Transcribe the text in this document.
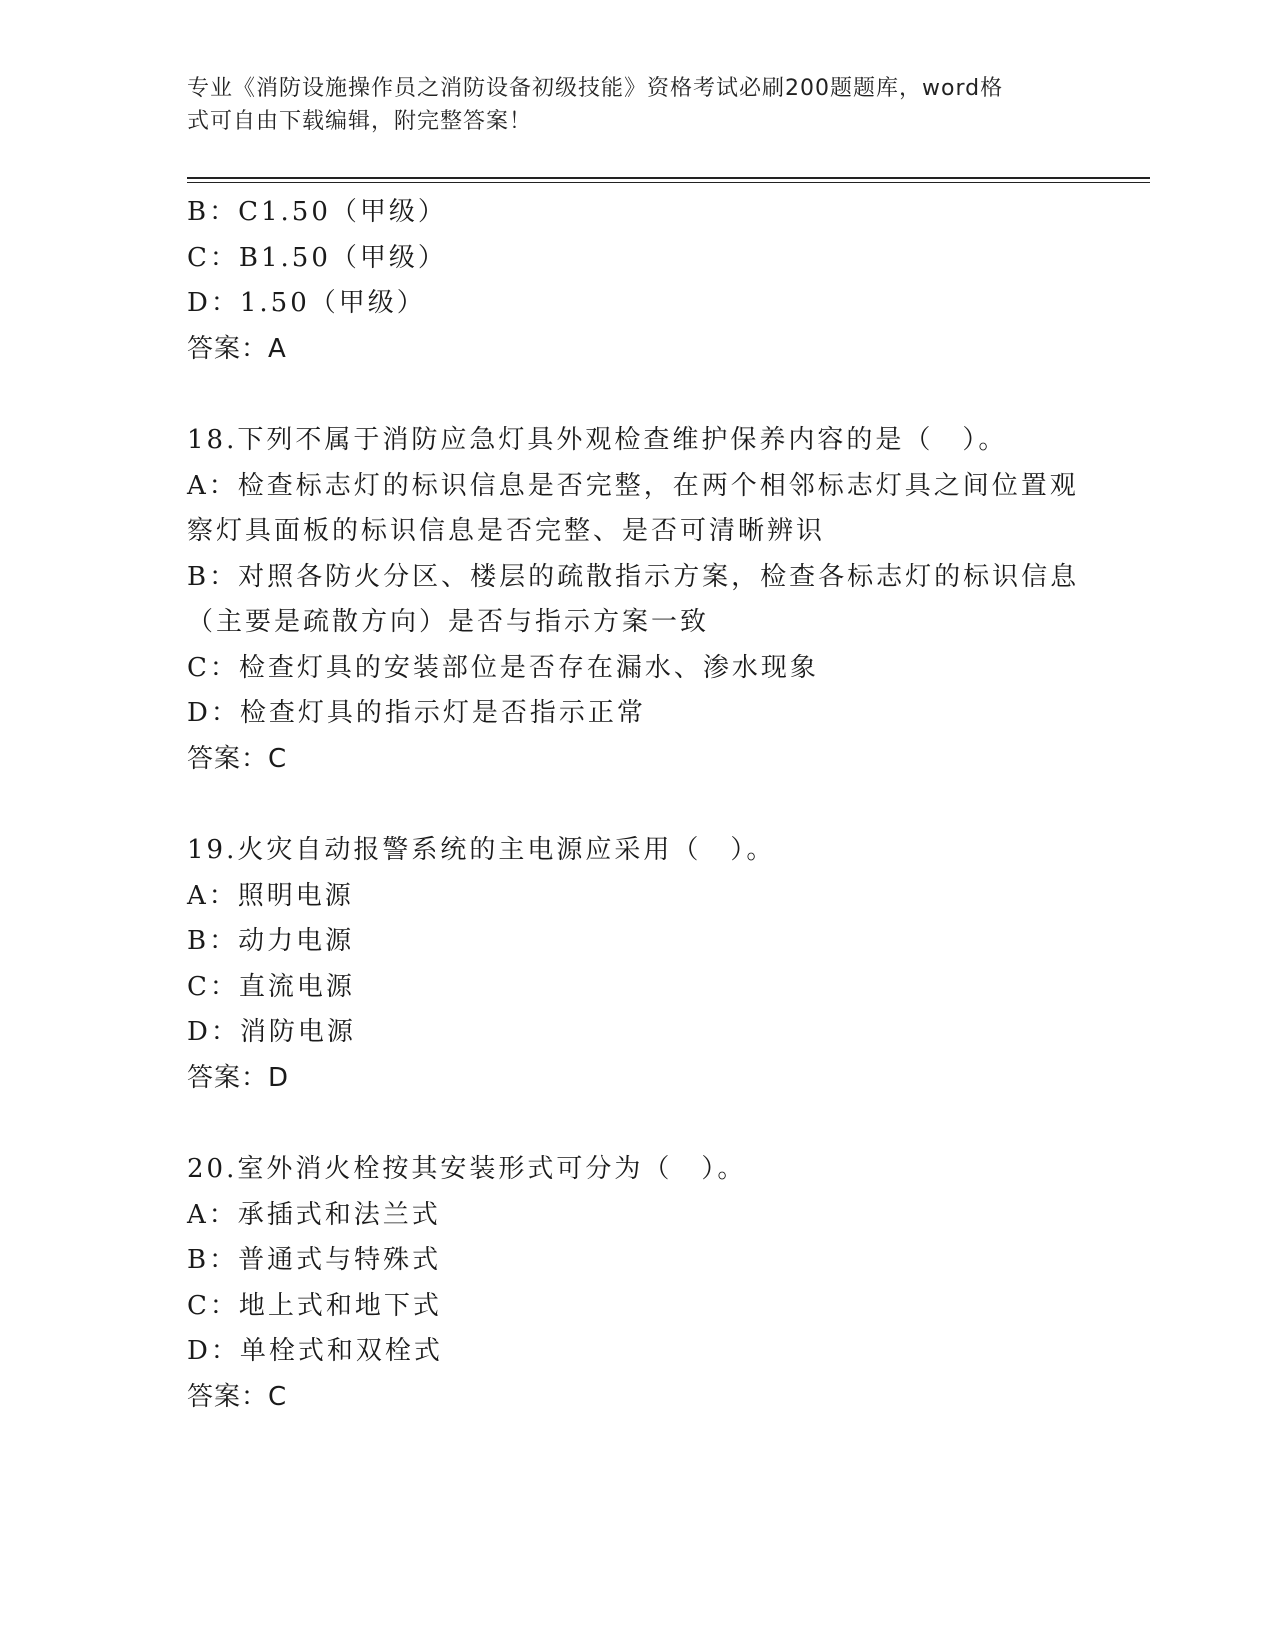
专业《消防设施操作员之消防设备初级技能》资格考试必刷200题题库，word格
式可自由下载编辑，附完整答案！
B：C1.50（甲级）
C：B1.50（甲级）
D：1.50（甲级）
答案：A
18.下列不属于消防应急灯具外观检查维护保养内容的是（　）。
A：检查标志灯的标识信息是否完整，在两个相邻标志灯具之间位置观
察灯具面板的标识信息是否完整、是否可清晰辨识
B：对照各防火分区、楼层的疏散指示方案，检查各标志灯的标识信息
（主要是疏散方向）是否与指示方案一致
C：检查灯具的安装部位是否存在漏水、渗水现象
D：检查灯具的指示灯是否指示正常
答案：C
19.火灾自动报警系统的主电源应采用（　）。
A：照明电源
B：动力电源
C：直流电源
D：消防电源
答案：D
20.室外消火栓按其安装形式可分为（　）。
A：承插式和法兰式
B：普通式与特殊式
C：地上式和地下式
D：单栓式和双栓式
答案：C
